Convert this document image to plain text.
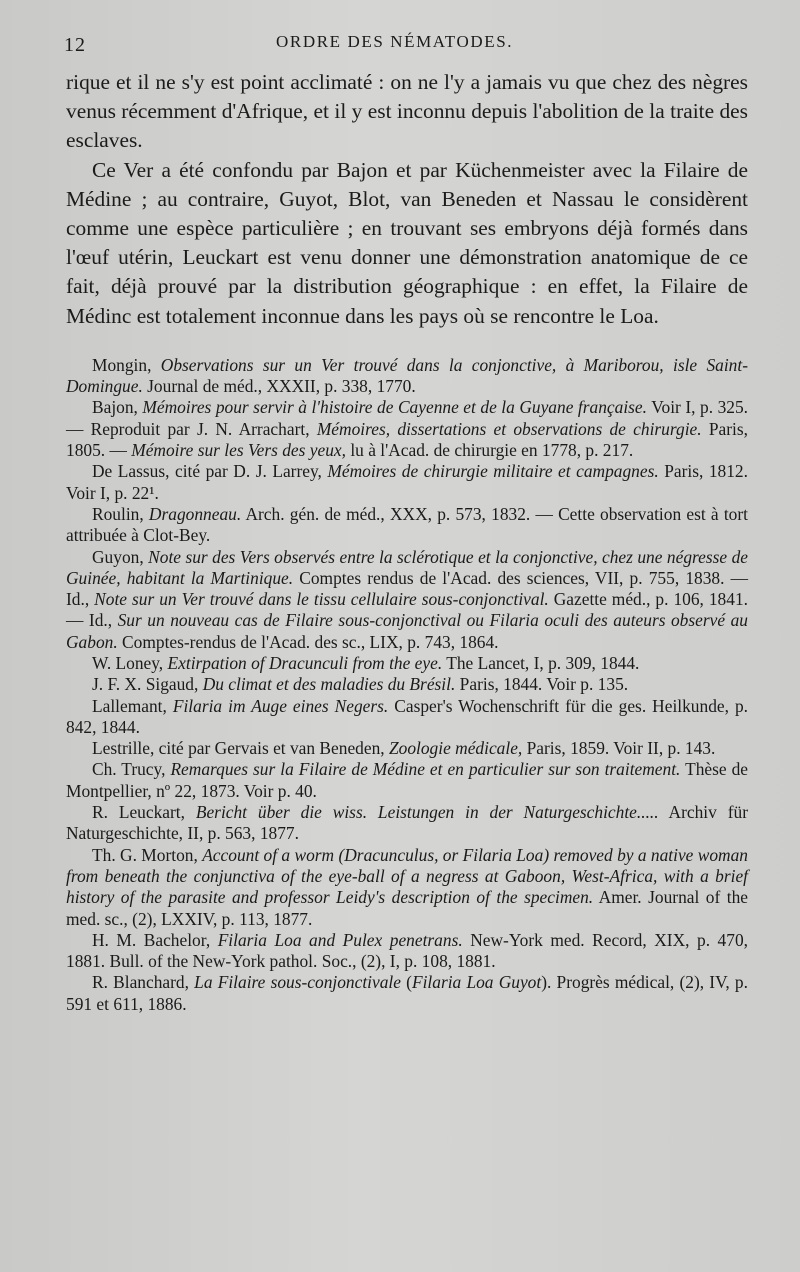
12	ORDRE DES NÉMATODES.

rique et il ne s'y est point acclimaté : on ne l'y a jamais vu que chez des nègres venus récemment d'Afrique, et il y est inconnu depuis l'abolition de la traite des esclaves.

Ce Ver a été confondu par Bajon et par Küchenmeister avec la Filaire de Médine ; au contraire, Guyot, Blot, van Beneden et Nassau le considèrent comme une espèce particulière ; en trouvant ses embryons déjà formés dans l'œuf utérin, Leuckart est venu donner une démonstration anatomique de ce fait, déjà prouvé par la distribution géographique : en effet, la Filaire de Médinc est totalement inconnue dans les pays où se rencontre le Loa.

Mongin, Observations sur un Ver trouvé dans la conjonctive, à Mariborou, isle Saint-Domingue. Journal de méd., XXXII, p. 338, 1770.

Bajon, Mémoires pour servir à l'histoire de Cayenne et de la Guyane française. Voir I, p. 325. — Reproduit par J. N. Arrachart, Mémoires, dissertations et observations de chirurgie. Paris, 1805. — Mémoire sur les Vers des yeux, lu à l'Acad. de chirurgie en 1778, p. 217.

De Lassus, cité par D. J. Larrey, Mémoires de chirurgie militaire et campagnes. Paris, 1812. Voir I, p. 22¹.

Roulin, Dragonneau. Arch. gén. de méd., XXX, p. 573, 1832. — Cette observation est à tort attribuée à Clot-Bey.

Guyon, Note sur des Vers observés entre la sclérotique et la conjonctive, chez une négresse de Guinée, habitant la Martinique. Comptes rendus de l'Acad. des sciences, VII, p. 755, 1838. — Id., Note sur un Ver trouvé dans le tissu cellulaire sous-conjonctival. Gazette méd., p. 106, 1841. — Id., Sur un nouveau cas de Filaire sous-conjonctival ou Filaria oculi des auteurs observé au Gabon. Comptes-rendus de l'Acad. des sc., LIX, p. 743, 1864.

W. Loney, Extirpation of Dracunculi from the eye. The Lancet, I, p. 309, 1844.

J. F. X. Sigaud, Du climat et des maladies du Brésil. Paris, 1844. Voir p. 135.

Lallemant, Filaria im Auge eines Negers. Casper's Wochenschrift für die ges. Heilkunde, p. 842, 1844.

Lestrille, cité par Gervais et van Beneden, Zoologie médicale, Paris, 1859. Voir II, p. 143.

Ch. Trucy, Remarques sur la Filaire de Médine et en particulier sur son traitement. Thèse de Montpellier, nº 22, 1873. Voir p. 40.

R. Leuckart, Bericht über die wiss. Leistungen in der Naturgeschichte..... Archiv für Naturgeschichte, II, p. 563, 1877.

Th. G. Morton, Account of a worm (Dracunculus, or Filaria Loa) removed by a native woman from beneath the conjunctiva of the eye-ball of a negress at Gaboon, West-Africa, with a brief history of the parasite and professor Leidy's description of the specimen. Amer. Journal of the med. sc., (2), LXXIV, p. 113, 1877.

H. M. Bachelor, Filaria Loa and Pulex penetrans. New-York med. Record, XIX, p. 470, 1881. Bull. of the New-York pathol. Soc., (2), I, p. 108, 1881.

R. Blanchard, La Filaire sous-conjonctivale (Filaria Loa Guyot). Progrès médical, (2), IV, p. 591 et 611, 1886.
